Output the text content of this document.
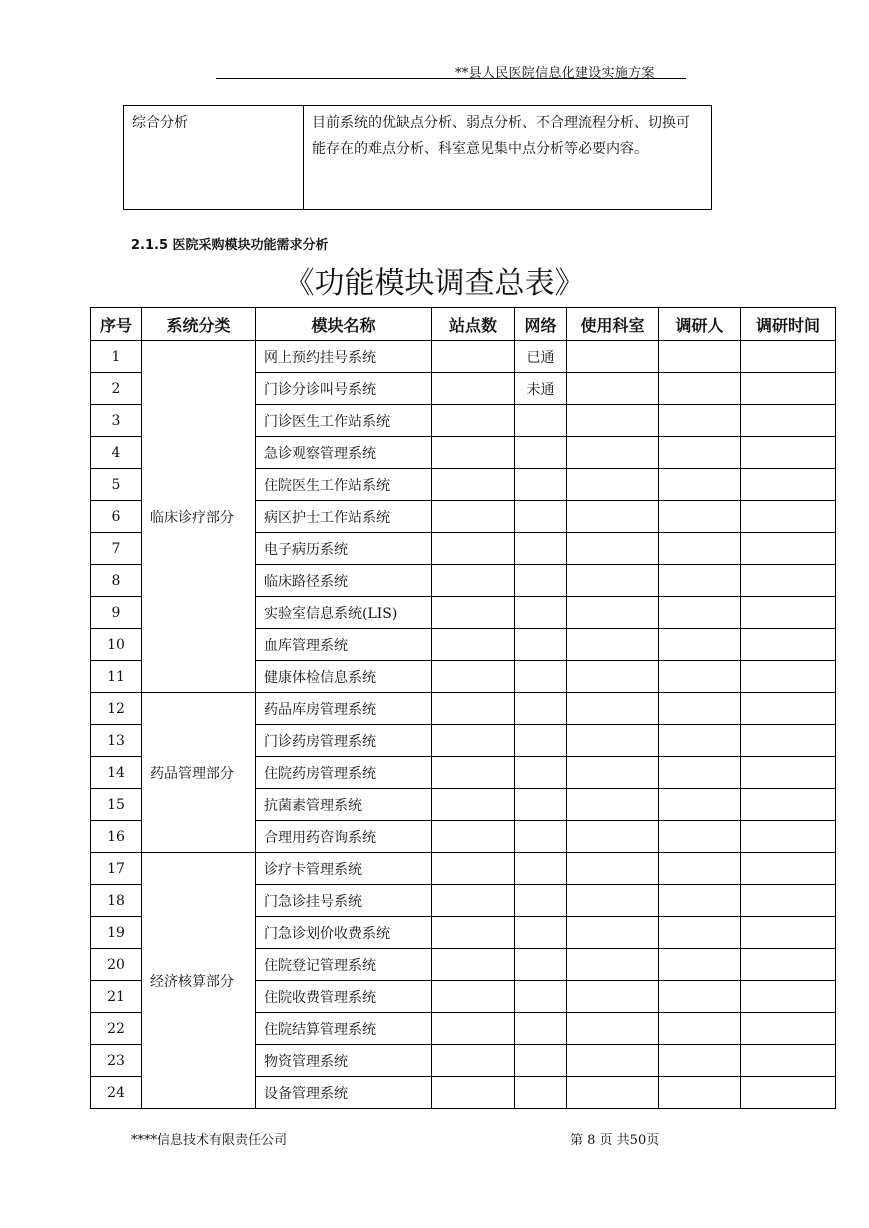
**县人民医院信息化建设实施方案
综合分析	目前系统的优缺点分析、弱点分析、不合理流程分析、切换可能存在的难点分析、科室意见集中点分析等必要内容。
2.1.5 医院采购模块功能需求分析
《功能模块调查总表》
序号	系统分类	模块名称	站点数	网络	使用科室	调研人	调研时间
1	临床诊疗部分	网上预约挂号系统		已通			
2		门诊分诊叫号系统		未通			
3		门诊医生工作站系统					
4		急诊观察管理系统					
5		住院医生工作站系统					
6		病区护士工作站系统					
7		电子病历系统					
8		临床路径系统					
9		实验室信息系统(LIS)					
10		血库管理系统					
11		健康体检信息系统					
12	药品管理部分	药品库房管理系统					
13		门诊药房管理系统					
14		住院药房管理系统					
15		抗菌素管理系统					
16		合理用药咨询系统					
17	经济核算部分	诊疗卡管理系统					
18		门急诊挂号系统					
19		门急诊划价收费系统					
20		住院登记管理系统					
21		住院收费管理系统					
22		住院结算管理系统					
23		物资管理系统					
24		设备管理系统					
****信息技术有限责任公司	第 8 页 共50页
